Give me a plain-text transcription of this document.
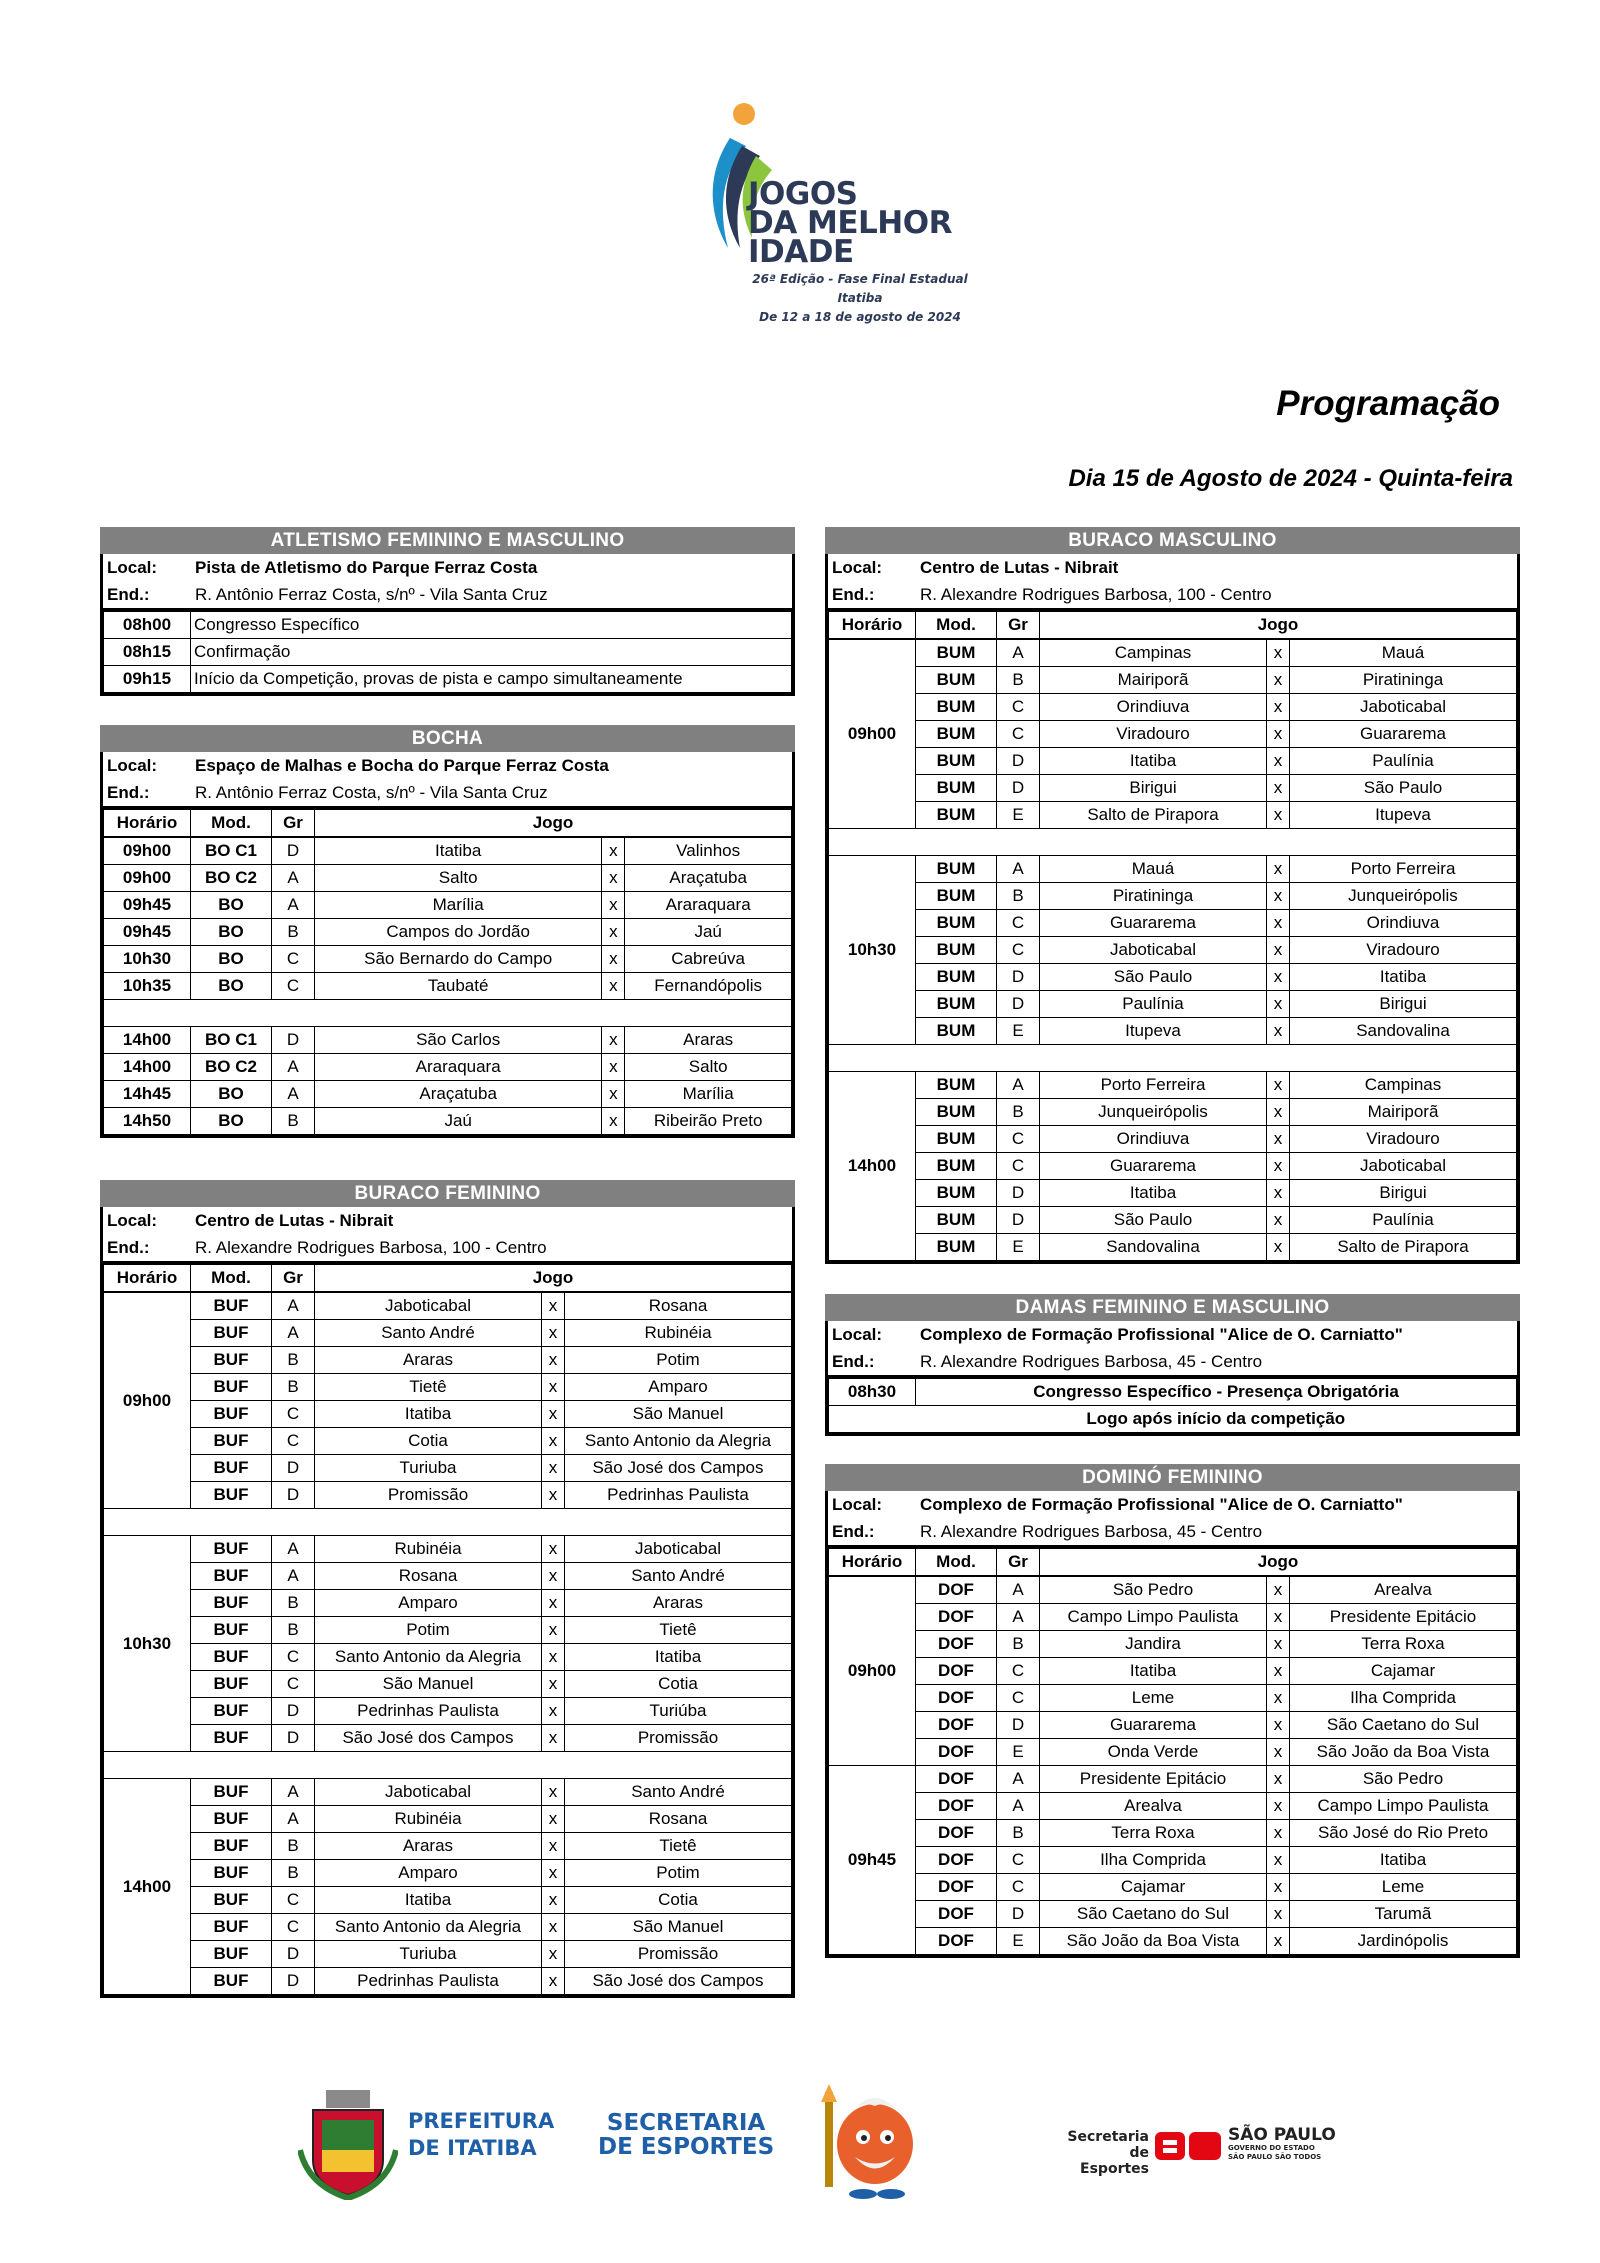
JOGOS
DA MELHOR
IDADE
26ª Edição - Fase Final Estadual
Itatiba
De 12 a 18 de agosto de 2024
Programação
Dia 15 de Agosto de 2024 - Quinta-feira
ATLETISMO FEMININO E MASCULINO
Local:	Pista de Atletismo do Parque Ferraz Costa
End.:	R. Antônio Ferraz Costa, s/nº - Vila Santa Cruz
08h00	Congresso Específico
08h15	Confirmação
09h15	Início da Competição, provas de pista e campo simultaneamente
BOCHA
Local:	Espaço de Malhas e Bocha do Parque Ferraz Costa
End.:	R. Antônio Ferraz Costa, s/nº - Vila Santa Cruz
Horário	Mod.	Gr	Jogo		
09h00	BO C1	D	Itatiba	x	Valinhos
09h00	BO C2	A	Salto	x	Araçatuba
09h45	BO	A	Marília	x	Araraquara
09h45	BO	B	Campos do Jordão	x	Jaú
10h30	BO	C	São Bernardo do Campo	x	Cabreúva
10h35	BO	C	Taubaté	x	Fernandópolis

14h00	BO C1	D	São Carlos	x	Araras
14h00	BO C2	A	Araraquara	x	Salto
14h45	BO	A	Araçatuba	x	Marília
14h50	BO	B	Jaú	x	Ribeirão Preto
BURACO FEMININO
Local:	Centro de Lutas - Nibrait
End.:	R. Alexandre Rodrigues Barbosa, 100 - Centro
Horário	Mod.	Gr	Jogo		
09h00	BUF	A	Jaboticabal	x	Rosana
	BUF	A	Santo André	x	Rubinéia
	BUF	B	Araras	x	Potim
	BUF	B	Tietê	x	Amparo
	BUF	C	Itatiba	x	São Manuel
	BUF	C	Cotia	x	Santo Antonio da Alegria
	BUF	D	Turiuba	x	São José dos Campos
	BUF	D	Promissão	x	Pedrinhas Paulista

10h30	BUF	A	Rubinéia	x	Jaboticabal
	BUF	A	Rosana	x	Santo André
	BUF	B	Amparo	x	Araras
	BUF	B	Potim	x	Tietê
	BUF	C	Santo Antonio da Alegria	x	Itatiba
	BUF	C	São Manuel	x	Cotia
	BUF	D	Pedrinhas Paulista	x	Turiúba
	BUF	D	São José dos Campos	x	Promissão

14h00	BUF	A	Jaboticabal	x	Santo André
	BUF	A	Rubinéia	x	Rosana
	BUF	B	Araras	x	Tietê
	BUF	B	Amparo	x	Potim
	BUF	C	Itatiba	x	Cotia
	BUF	C	Santo Antonio da Alegria	x	São Manuel
	BUF	D	Turiuba	x	Promissão
	BUF	D	Pedrinhas Paulista	x	São José dos Campos
BURACO MASCULINO
Local:	Centro de Lutas - Nibrait
End.:	R. Alexandre Rodrigues Barbosa, 100 - Centro
Horário	Mod.	Gr	Jogo		
09h00	BUM	A	Campinas	x	Mauá
	BUM	B	Mairiporã	x	Piratininga
	BUM	C	Orindiuva	x	Jaboticabal
	BUM	C	Viradouro	x	Guararema
	BUM	D	Itatiba	x	Paulínia
	BUM	D	Birigui	x	São Paulo
	BUM	E	Salto de Pirapora	x	Itupeva

10h30	BUM	A	Mauá	x	Porto Ferreira
	BUM	B	Piratininga	x	Junqueirópolis
	BUM	C	Guararema	x	Orindiuva
	BUM	C	Jaboticabal	x	Viradouro
	BUM	D	São Paulo	x	Itatiba
	BUM	D	Paulínia	x	Birigui
	BUM	E	Itupeva	x	Sandovalina

14h00	BUM	A	Porto Ferreira	x	Campinas
	BUM	B	Junqueirópolis	x	Mairiporã
	BUM	C	Orindiuva	x	Viradouro
	BUM	C	Guararema	x	Jaboticabal
	BUM	D	Itatiba	x	Birigui
	BUM	D	São Paulo	x	Paulínia
	BUM	E	Sandovalina	x	Salto de Pirapora
DAMAS FEMININO E MASCULINO
Local:	Complexo de Formação Profissional "Alice de O. Carniatto"
End.:	R. Alexandre Rodrigues Barbosa, 45 - Centro
08h30	Congresso Específico - Presença Obrigatória
	Logo após início da competição
DOMINÓ FEMININO
Local:	Complexo de Formação Profissional "Alice de O. Carniatto"
End.:	R. Alexandre Rodrigues Barbosa, 45 - Centro
Horário	Mod.	Gr	Jogo		
09h00	DOF	A	São Pedro	x	Arealva
	DOF	A	Campo Limpo Paulista	x	Presidente Epitácio
	DOF	B	Jandira	x	Terra Roxa
	DOF	C	Itatiba	x	Cajamar
	DOF	C	Leme	x	Ilha Comprida
	DOF	D	Guararema	x	São Caetano do Sul
	DOF	E	Onda Verde	x	São João da Boa Vista
09h45	DOF	A	Presidente Epitácio	x	São Pedro
	DOF	A	Arealva	x	Campo Limpo Paulista
	DOF	B	Terra Roxa	x	São José do Rio Preto
	DOF	C	Ilha Comprida	x	Itatiba
	DOF	C	Cajamar	x	Leme
	DOF	D	São Caetano do Sul	x	Tarumã
	DOF	E	São João da Boa Vista	x	Jardinópolis
PREFEITURA
DE ITATIBA
SECRETARIA
DE ESPORTES	Secretaria de
Esportes
SÃO PAULO
GOVERNO DO ESTADO
SÃO PAULO SÃO TODOS
